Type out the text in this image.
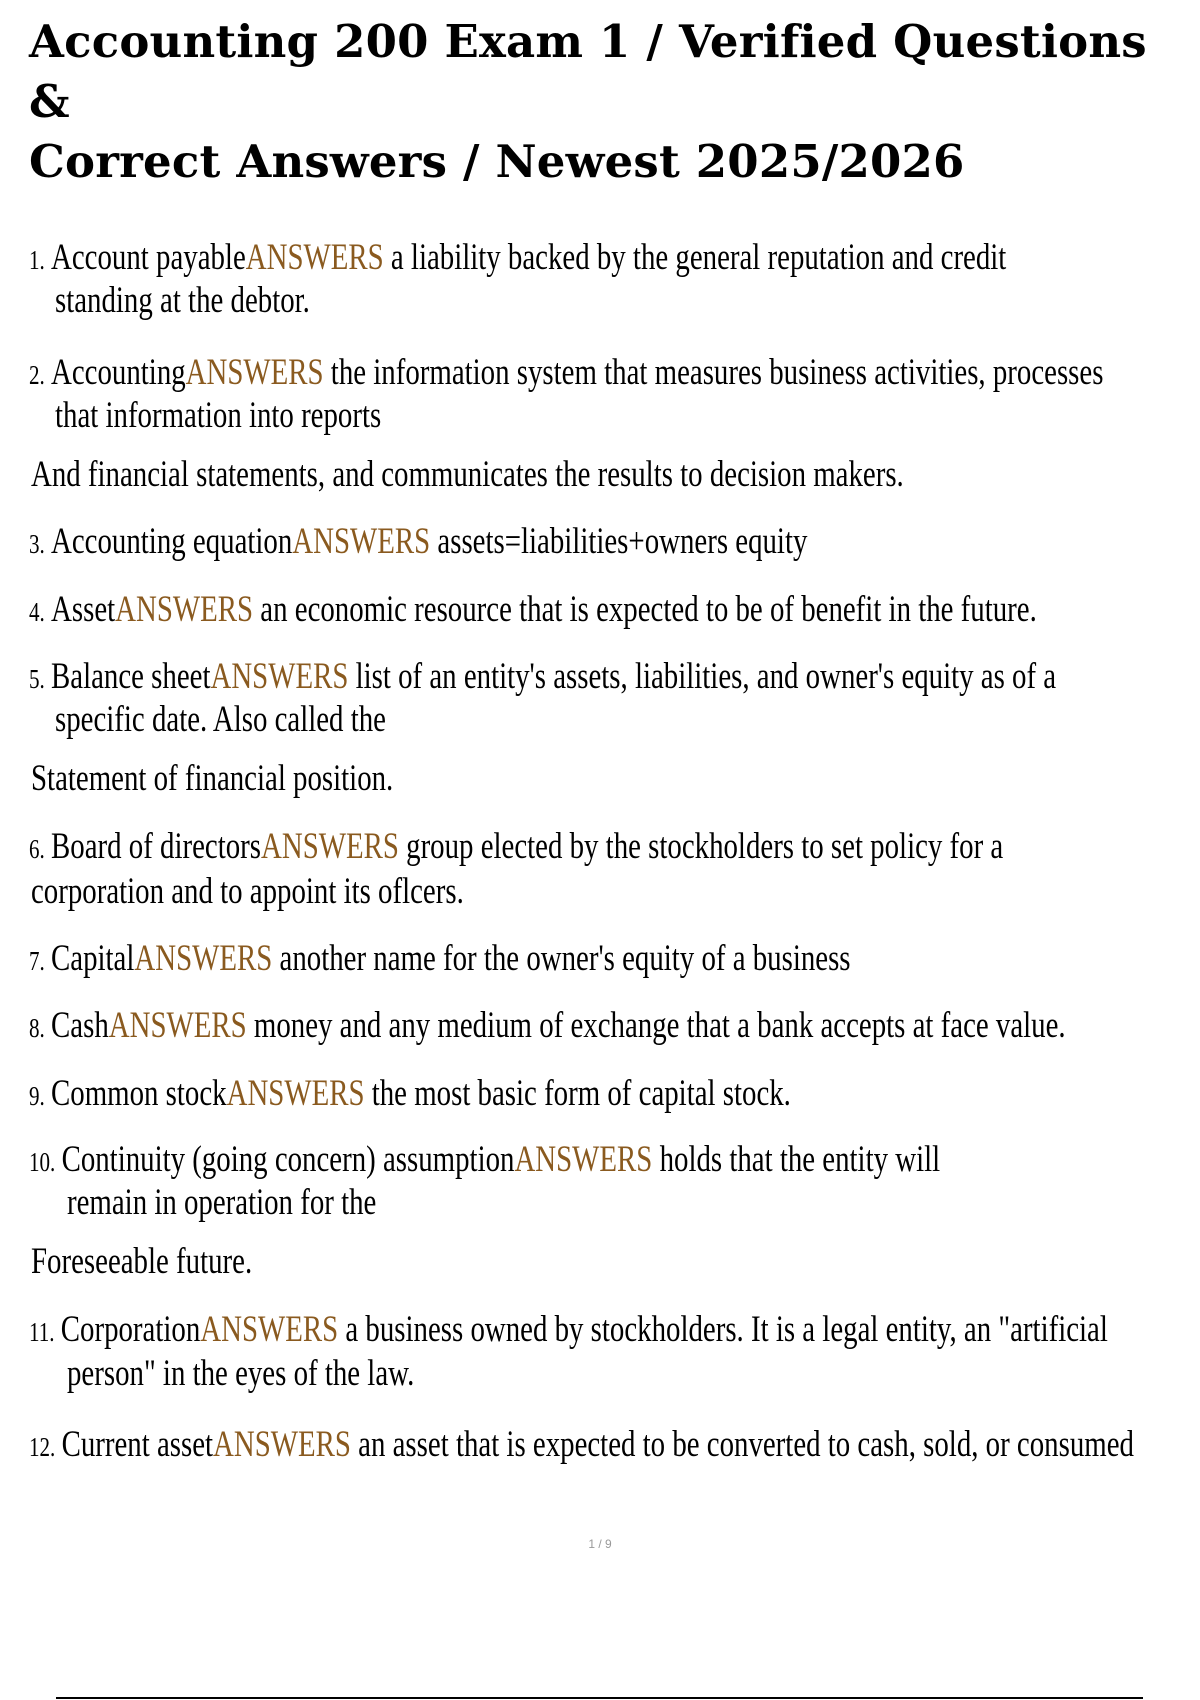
Accounting 200 Exam 1 / Verified Questions &
Correct Answers / Newest 2025/2026
1. Account payableANSWERS a liability backed by the general reputation and credit
standing at the debtor.
2. AccountingANSWERS the information system that measures business activities, processes
that information into reports
And financial statements, and communicates the results to decision makers.
3. Accounting equationANSWERS assets=liabilities+owners equity
4. AssetANSWERS an economic resource that is expected to be of benefit in the future.
5. Balance sheetANSWERS list of an entity's assets, liabilities, and owner's equity as of a
specific date. Also called the
Statement of financial position.
6. Board of directorsANSWERS group elected by the stockholders to set policy for a
corporation and to appoint its oflcers.
7. CapitalANSWERS another name for the owner's equity of a business
8. CashANSWERS money and any medium of exchange that a bank accepts at face value.
9. Common stockANSWERS the most basic form of capital stock.
10. Continuity (going concern) assumptionANSWERS holds that the entity will
remain in operation for the
Foreseeable future.
11. CorporationANSWERS a business owned by stockholders. It is a legal entity, an "artificial
person" in the eyes of the law.
12. Current assetANSWERS an asset that is expected to be converted to cash, sold, or consumed
1 / 9
